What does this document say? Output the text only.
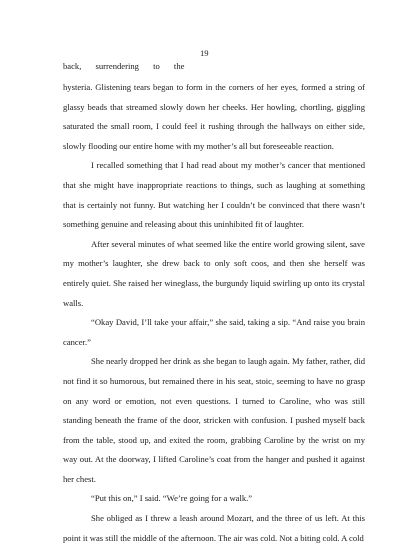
19
back, surrendering to the

hysteria. Glistening tears began to form in the corners of her eyes, formed a string of glassy beads that streamed slowly down her cheeks. Her howling, chortling, giggling saturated the small room, I could feel it rushing through the hallways on either side, slowly flooding our entire home with my mother’s all but foreseeable reaction.

I recalled something that I had read about my mother’s cancer that mentioned that she might have inappropriate reactions to things, such as laughing at something that is certainly not funny. But watching her I couldn’t be convinced that there wasn’t something genuine and releasing about this uninhibited fit of laughter.

After several minutes of what seemed like the entire world growing silent, save my mother’s laughter, she drew back to only soft coos, and then she herself was entirely quiet. She raised her wineglass, the burgundy liquid swirling up onto its crystal walls.

“Okay David, I’ll take your affair,” she said, taking a sip. “And raise you brain cancer.”

She nearly dropped her drink as she began to laugh again. My father, rather, did not find it so humorous, but remained there in his seat, stoic, seeming to have no grasp on any word or emotion, not even questions. I turned to Caroline, who was still standing beneath the frame of the door, stricken with confusion. I pushed myself back from the table, stood up, and exited the room, grabbing Caroline by the wrist on my way out. At the doorway, I lifted Caroline’s coat from the hanger and pushed it against her chest.

“Put this on,” I said. “We’re going for a walk.”

She obliged as I threw a leash around Mozart, and the three of us left. At this point it was still the middle of the afternoon. The air was cold. Not a biting cold. A cold
